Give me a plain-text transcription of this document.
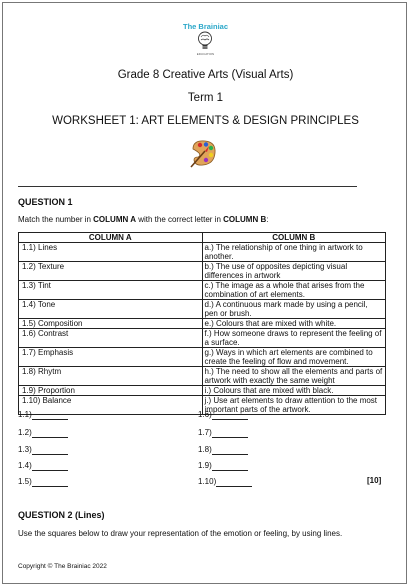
The Brainiac
EDUCATION
Grade 8 Creative Arts (Visual Arts)
Term 1
WORKSHEET 1: ART ELEMENTS & DESIGN PRINCIPLES
QUESTION 1
Match the number in COLUMN A with the correct letter in COLUMN B:
COLUMN A	COLUMN B
1.1) Lines	a.) The relationship of one thing in artwork to another.
1.2) Texture	b.) The use of opposites depicting visual differences in artwork
1.3) Tint	c.) The image as a whole that arises from the combination of art elements.
1.4) Tone	d.) A continuous mark made by using a pencil, pen or brush.
1.5) Composition	e.) Colours that are mixed with white.
1.6) Contrast	f.) How someone draws to represent the feeling of a surface.
1.7) Emphasis	g.) Ways in which art elements are combined to create the feeling of flow and movement.
1.8) Rhytm	h.) The need to show all the elements and parts of artwork with exactly the same weight
1.9) Proportion	i.) Colours that are mixed with black.
1.10) Balance	j.) Use art elements to draw attention to the most important parts of the artwork.
1.1)
1.2)
1.3)
1.4)
1.5)
1.6)
1.7)
1.8)
1.9)
1.10)	[10]
QUESTION 2 (Lines)
Use the squares below to draw your representation of the emotion or feeling, by using lines.
Copyright © The Brainiac 2022
